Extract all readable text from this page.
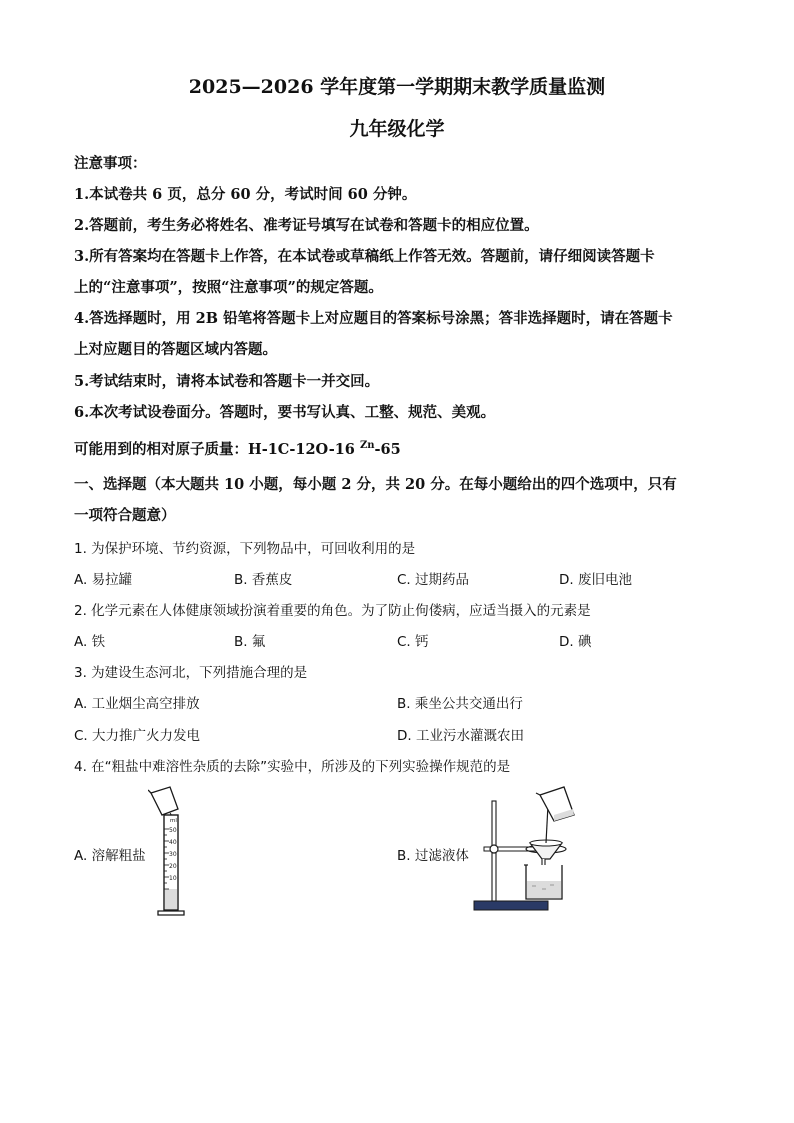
2025—2026 学年度第一学期期末教学质量监测
九年级化学
注意事项：
1.本试卷共 6 页，总分 60 分，考试时间 60 分钟。
2.答题前，考生务必将姓名、准考证号填写在试卷和答题卡的相应位置。
3.所有答案均在答题卡上作答，在本试卷或草稿纸上作答无效。答题前，请仔细阅读答题卡
上的“注意事项”，按照“注意事项”的规定答题。
4.答选择题时，用 2B 铅笔将答题卡上对应题目的答案标号涂黑；答非选择题时，请在答题卡
上对应题目的答题区域内答题。
5.考试结束时，请将本试卷和答题卡一并交回。
6.本次考试设卷面分。答题时，要书写认真、工整、规范、美观。
可能用到的相对原子质量：H-1C-12O-16 $^{Zn}$-65
一、选择题（本大题共 10 小题，每小题 2 分，共 20 分。在每小题给出的四个选项中，只有
一项符合题意）
1. 为保护环境、节约资源，下列物品中，可回收利用的是
A. 易拉罐	B. 香蕉皮	C. 过期药品	D. 废旧电池
2. 化学元素在人体健康领域扮演着重要的角色。为了防止佝偻病，应适当摄入的元素是
A. 铁	B. 氟	C. 钙	D. 碘
3. 为建设生态河北，下列措施合理的是
A. 工业烟尘高空排放	B. 乘坐公共交通出行
C. 大力推广火力发电	D. 工业污水灌溉农田
4. 在“粗盐中难溶性杂质的去除”实验中，所涉及的下列实验操作规范的是
A. 溶解粗盐	B. 过滤液体
ml
50
40
30
20
10
